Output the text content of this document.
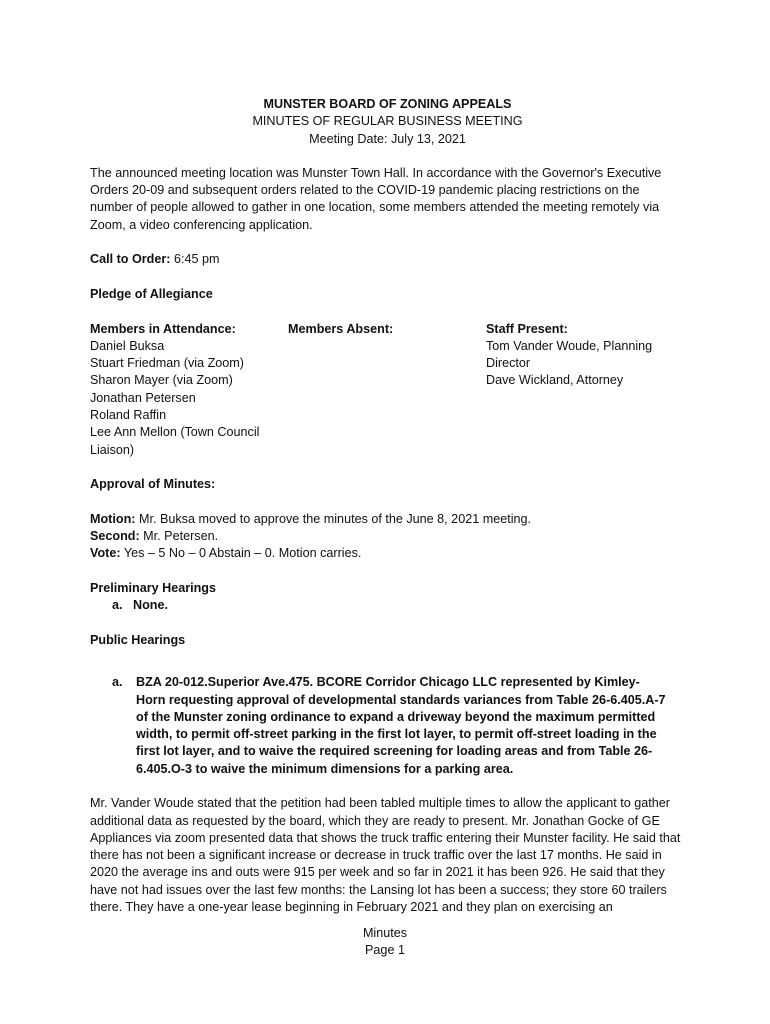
MUNSTER BOARD OF ZONING APPEALS
MINUTES OF REGULAR BUSINESS MEETING
Meeting Date: July 13, 2021

The announced meeting location was Munster Town Hall. In accordance with the Governor's Executive Orders 20-09 and subsequent orders related to the COVID-19 pandemic placing restrictions on the number of people allowed to gather in one location, some members attended the meeting remotely via Zoom, a video conferencing application.

Call to Order: 6:45 pm

Pledge of Allegiance

Members in Attendance:
Daniel Buksa
Stuart Friedman (via Zoom)
Sharon Mayer (via Zoom)
Jonathan Petersen
Roland Raffin
Lee Ann Mellon (Town Council Liaison)
Members Absent:	Staff Present:
Tom Vander Woude, Planning Director
Dave Wickland, Attorney

Approval of Minutes:

Motion: Mr. Buksa moved to approve the minutes of the June 8, 2021 meeting.
Second: Mr. Petersen.
Vote: Yes – 5 No – 0 Abstain – 0. Motion carries.

Preliminary Hearings
a. None.

Public Hearings

a.	BZA 20-012.Superior Ave.475. BCORE Corridor Chicago LLC represented by Kimley-Horn requesting approval of developmental standards variances from Table 26-6.405.A-7 of the Munster zoning ordinance to expand a driveway beyond the maximum permitted width, to permit off-street parking in the first lot layer, to permit off-street loading in the first lot layer, and to waive the required screening for loading areas and from Table 26-6.405.O-3 to waive the minimum dimensions for a parking area.

Mr. Vander Woude stated that the petition had been tabled multiple times to allow the applicant to gather additional data as requested by the board, which they are ready to present. Mr. Jonathan Gocke of GE Appliances via zoom presented data that shows the truck traffic entering their Munster facility. He said that there has not been a significant increase or decrease in truck traffic over the last 17 months. He said in 2020 the average ins and outs were 915 per week and so far in 2021 it has been 926. He said that they have not had issues over the last few months: the Lansing lot has been a success; they store 60 trailers there. They have a one-year lease beginning in February 2021 and they plan on exercising an

Minutes
Page 1
